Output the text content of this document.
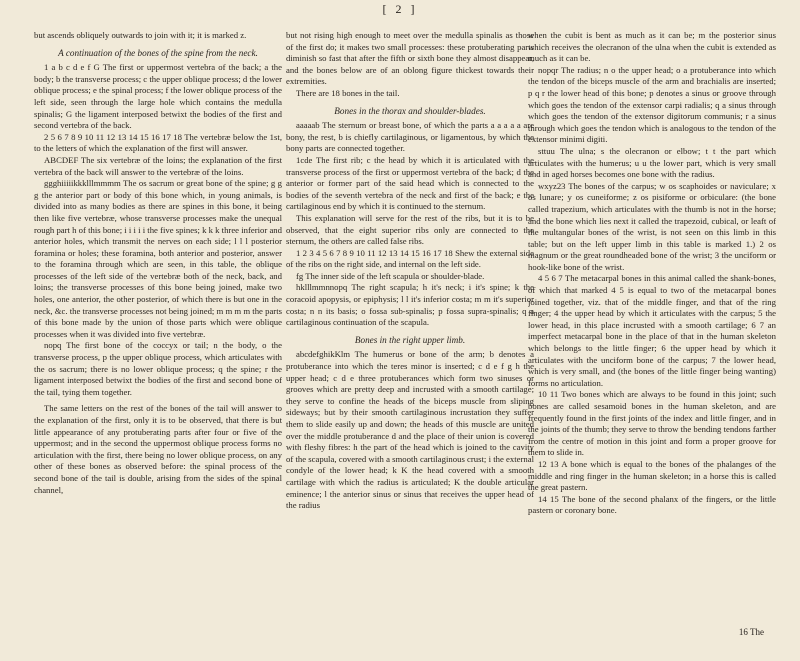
[ 2 ]

but ascends obliquely outwards to join with it; it is marked z.

A continuation of the bones of the spine from the neck.

1 a b c d e f G The first or uppermost vertebra of the back; a the body; b the transverse process; c the upper oblique process; d the lower oblique process; e the spinal process; f the lower oblique process of the left side, seen through the large hole which contains the medulla spinalis; G the ligament interposed betwixt the bodies of the first and second vertebra of the back.

2 5 6 7 8 9 10 11 12 13 14 15 16 17 18 The vertebræ below the 1st, to the letters of which the explanation of the first will answer.

ABCDEF The six vertebræ of the loins; the explanation of the first vertebra of the back will answer to the vertebræ of the loins.

ggghiiiiikkklllmmmm The os sacrum or great bone of the spine; g g g the anterior part or body of this bone which, in young animals, is divided into as many bodies as there are spines in this bone, it being then like five vertebræ, whose transverse processes make the unequal rough part h of this bone; i i i i i the five spines; k k k three inferior and anterior holes, which transmit the nerves on each side; l l l posterior foramina or holes; these foramina, both anterior and posterior, answer to the foramina through which are seen, in this table, the oblique processes of the left side of the vertebræ both of the neck, back, and loins; the transverse processes of this bone being joined, make two holes, one anterior, the other posterior, of which there is but one in the neck, &c. the transverse processes not being joined; m m m m the parts of this bone made by the union of those parts which were oblique processes when it was divided into five vertebræ.

nopq The first bone of the coccyx or tail; n the body, o the transverse process, p the upper oblique process, which articulates with the os sacrum; there is no lower oblique process; q the spine; r the ligament interposed betwixt the bodies of the first and second bone of the tail, tying them together.

The same letters on the rest of the bones of the tail will answer to the explanation of the first, only it is to be observed, that there is but little appearance of any protuberating parts after four or five of the uppermost; and in the second the uppermost oblique process forms no articulation with the first, there being no lower oblique process, on any other of these bones as observed before: the spinal process of the second bone of the tail is double, arising from the sides of the spinal channel,

but not rising high enough to meet over the medulla spinalis as those of the first do; it makes two small processes: these protuberating parts diminish so fast that after the fifth or sixth bone they almost disappear, and the bones below are of an oblong figure thickest towards their extremities.

There are 18 bones in the tail.

Bones in the thorax and shoulder-blades.

aaaaab The sternum or breast bone, of which the parts a a a a a are bony, the rest, b is chiefly cartilaginous, or ligamentous, by which the bony parts are connected together.

1cde The first rib; c the head by which it is articulated with the transverse process of the first or uppermost vertebra of the back; d the anterior or former part of the said head which is connected to the bodies of the seventh vertebra of the neck and first of the back; e the cartilaginous end by which it is continued to the sternum.

This explanation will serve for the rest of the ribs, but it is to be observed, that the eight superior ribs only are connected to the sternum, the others are called false ribs.

1 2 3 4 5 6 7 8 9 10 11 12 13 14 15 16 17 18 Shew the external side of the ribs on the right side, and internal on the left side.

fg The inner side of the left scapula or shoulder-blade.

hklllmmnnopq The right scapula; h it's neck; i it's spine; k the coracoid apopysis, or epiphysis; l l it's inferior costa; m m it's superior costa; n n its basis; o fossa sub-spinalis; p fossa supra-spinalis; q a cartilaginous continuation of the scapula.

Bones in the right upper limb.

abcdefghikKlm The humerus or bone of the arm; b denotes a protuberance into which the teres minor is inserted; c d e f g h the upper head; c d e three protuberances which form two sinuses or grooves which are pretty deep and incrusted with a smooth cartilage; they serve to confine the heads of the biceps muscle from sliping sideways; but by their smooth cartilaginous incrustation they suffer them to slide easily up and down; the heads of this muscle are united over the middle protuberance d and the place of their union is covered with fleshy fibres: h the part of the head which is joined to the cavity of the scapula, covered with a smooth cartilaginous crust; i the external condyle of the lower head; k K the head covered with a smooth cartilage with which the radius is articulated; K the double articular eminence; l the anterior sinus or sinus that receives the upper head of the radius

when the cubit is bent as much as it can be; m the posterior sinus which receives the olecranon of the ulna when the cubit is extended as much as it can be.

nopqr The radius; n o the upper head; o a protuberance into which the tendon of the biceps muscle of the arm and brachialis are inserted; p q r the lower head of this bone; p denotes a sinus or groove through which goes the tendon of the extensor carpi radialis; q a sinus through which goes the tendon of the extensor digitorum communis; r a sinus through which goes the tendon which is analogous to the tendon of the extensor minimi digiti.

sttuu The ulna; s the olecranon or elbow; t t the part which articulates with the humerus; u u the lower part, which is very small and in aged horses becomes one bone with the radius.

wxyz23 The bones of the carpus; w os scaphoides or naviculare; x os lunare; y os cuneiforme; z os pisiforme or orbiculare: (the bone called trapezium, which articulates with the thumb is not in the horse; and the bone which lies next it called the trapezoid, cubical, or leaft of the multangular bones of the wrist, is not seen on this limb in this table; but on the left upper limb in this table is marked 1.) 2 os magnum or the great roundheaded bone of the wrist; 3 the unciform or hook-like bone of the wrist.

4 5 6 7 The metacarpal bones in this animal called the shank-bones, of which that marked 4 5 is equal to two of the metacarpal bones joined together, viz. that of the middle finger, and that of the ring finger; 4 the upper head by which it articulates with the carpus; 5 the lower head, in this place incrusted with a smooth cartilage; 6 7 an imperfect metacarpal bone in the place of that in the human skeleton which belongs to the little finger; 6 the upper head by which it articulates with the unciform bone of the carpus; 7 the lower head, which is very small, and (the bones of the little finger being wanting) forms no articulation.

10 11 Two bones which are always to be found in this joint; such bones are called sesamoid bones in the human skeleton, and are frequently found in the first joints of the index and little finger, and in the joints of the thumb; they serve to throw the bending tendons farther from the centre of motion in this joint and form a proper groove for them to slide in.

12 13 A bone which is equal to the bones of the phalanges of the middle and ring finger in the human skeleton; in a horse this is called the great pastern.

14 15 The bone of the second phalanx of the fingers, or the little pastern or coronary bone.

16 The
